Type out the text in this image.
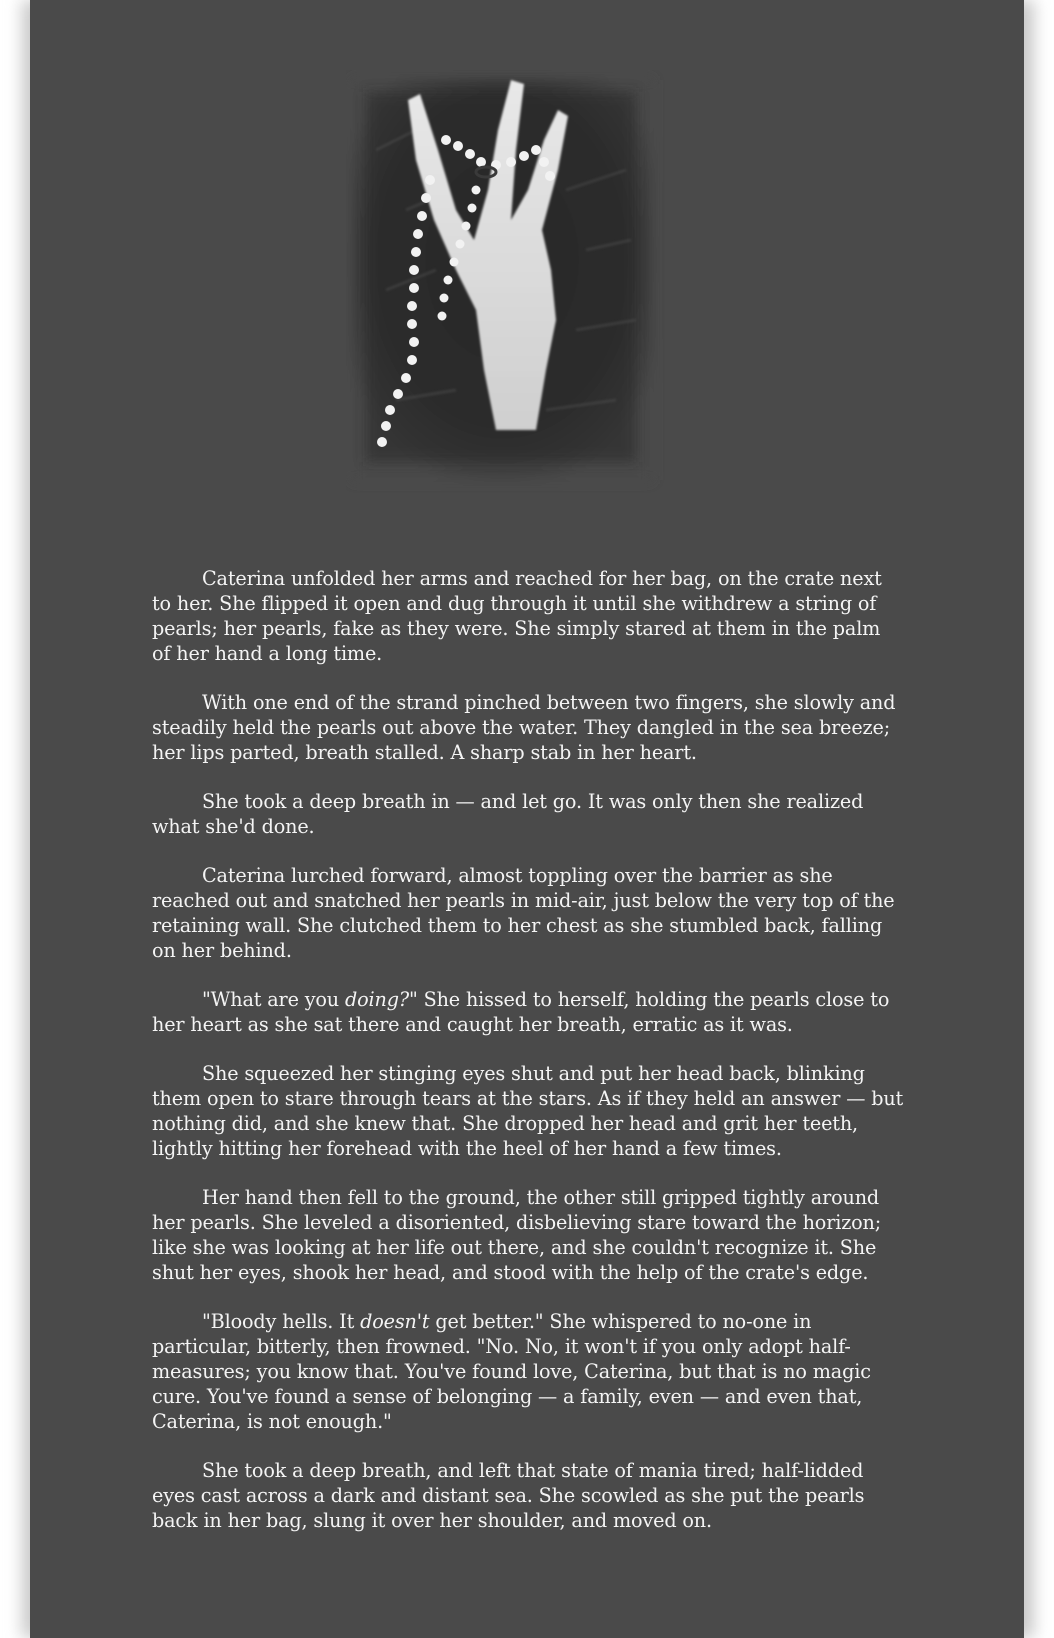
Caterina unfolded her arms and reached for her bag, on the crate next to her. She flipped it open and dug through it until she withdrew a string of pearls; her pearls, fake as they were. She simply stared at them in the palm of her hand a long time.

With one end of the strand pinched between two fingers, she slowly and steadily held the pearls out above the water. They dangled in the sea breeze; her lips parted, breath stalled. A sharp stab in her heart.

She took a deep breath in — and let go. It was only then she realized what she'd done.

Caterina lurched forward, almost toppling over the barrier as she reached out and snatched her pearls in mid-air, just below the very top of the retaining wall. She clutched them to her chest as she stumbled back, falling on her behind.

"What are you doing?" She hissed to herself, holding the pearls close to her heart as she sat there and caught her breath, erratic as it was.

She squeezed her stinging eyes shut and put her head back, blinking them open to stare through tears at the stars. As if they held an answer — but nothing did, and she knew that. She dropped her head and grit her teeth, lightly hitting her forehead with the heel of her hand a few times.

Her hand then fell to the ground, the other still gripped tightly around her pearls. She leveled a disoriented, disbelieving stare toward the horizon; like she was looking at her life out there, and she couldn't recognize it. She shut her eyes, shook her head, and stood with the help of the crate's edge.

"Bloody hells. It doesn't get better." She whispered to no-one in particular, bitterly, then frowned. "No. No, it won't if you only adopt half-measures; you know that. You've found love, Caterina, but that is no magic cure. You've found a sense of belonging — a family, even — and even that, Caterina, is not enough."

She took a deep breath, and left that state of mania tired; half-lidded eyes cast across a dark and distant sea. She scowled as she put the pearls back in her bag, slung it over her shoulder, and moved on.
